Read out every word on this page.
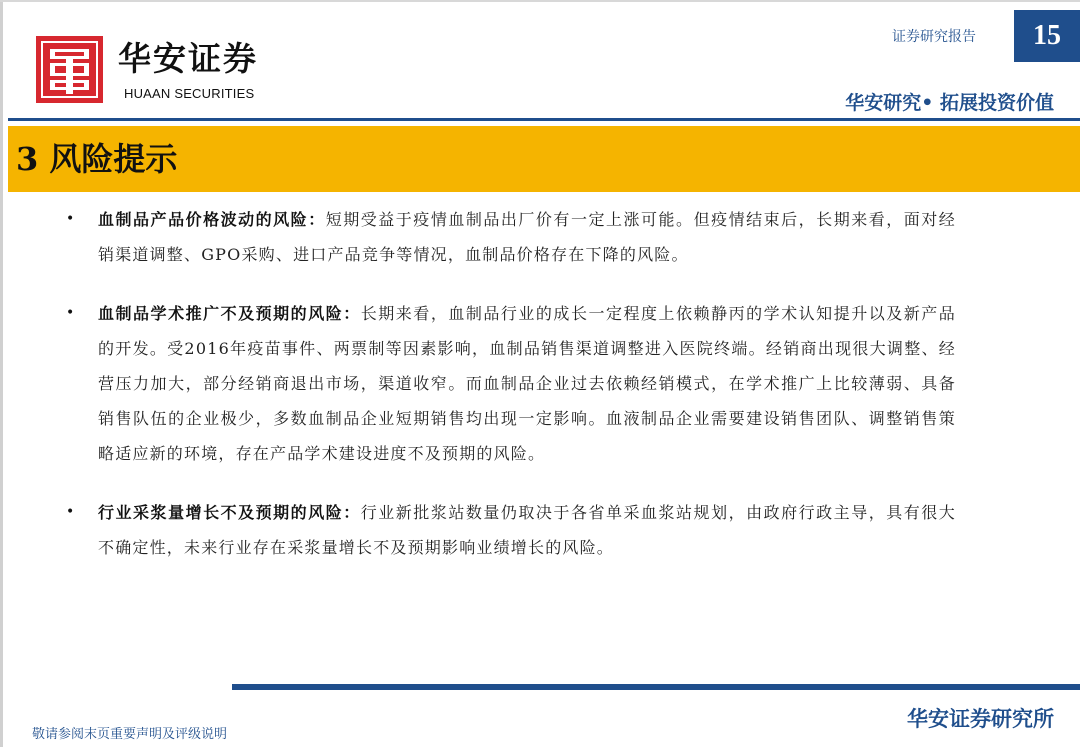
华安证券
HUAAN SECURITIES
证券研究报告	15
华安研究• 拓展投资价值
3 风险提示
• 血制品产品价格波动的风险：短期受益于疫情血制品出厂价有一定上涨可能。但疫情结束后，长期来看，面对经销渠道调整、GPO采购、进口产品竞争等情况，血制品价格存在下降的风险。

• 血制品学术推广不及预期的风险：长期来看，血制品行业的成长一定程度上依赖静丙的学术认知提升以及新产品的开发。受2016年疫苗事件、两票制等因素影响，血制品销售渠道调整进入医院终端。经销商出现很大调整、经营压力加大，部分经销商退出市场，渠道收窄。而血制品企业过去依赖经销模式，在学术推广上比较薄弱、具备销售队伍的企业极少，多数血制品企业短期销售均出现一定影响。血液制品企业需要建设销售团队、调整销售策略适应新的环境，存在产品学术建设进度不及预期的风险。

• 行业采浆量增长不及预期的风险：行业新批浆站数量仍取决于各省单采血浆站规划，由政府行政主导，具有很大不确定性，未来行业存在采浆量增长不及预期影响业绩增长的风险。

敬请参阅末页重要声明及评级说明
华安证券研究所
